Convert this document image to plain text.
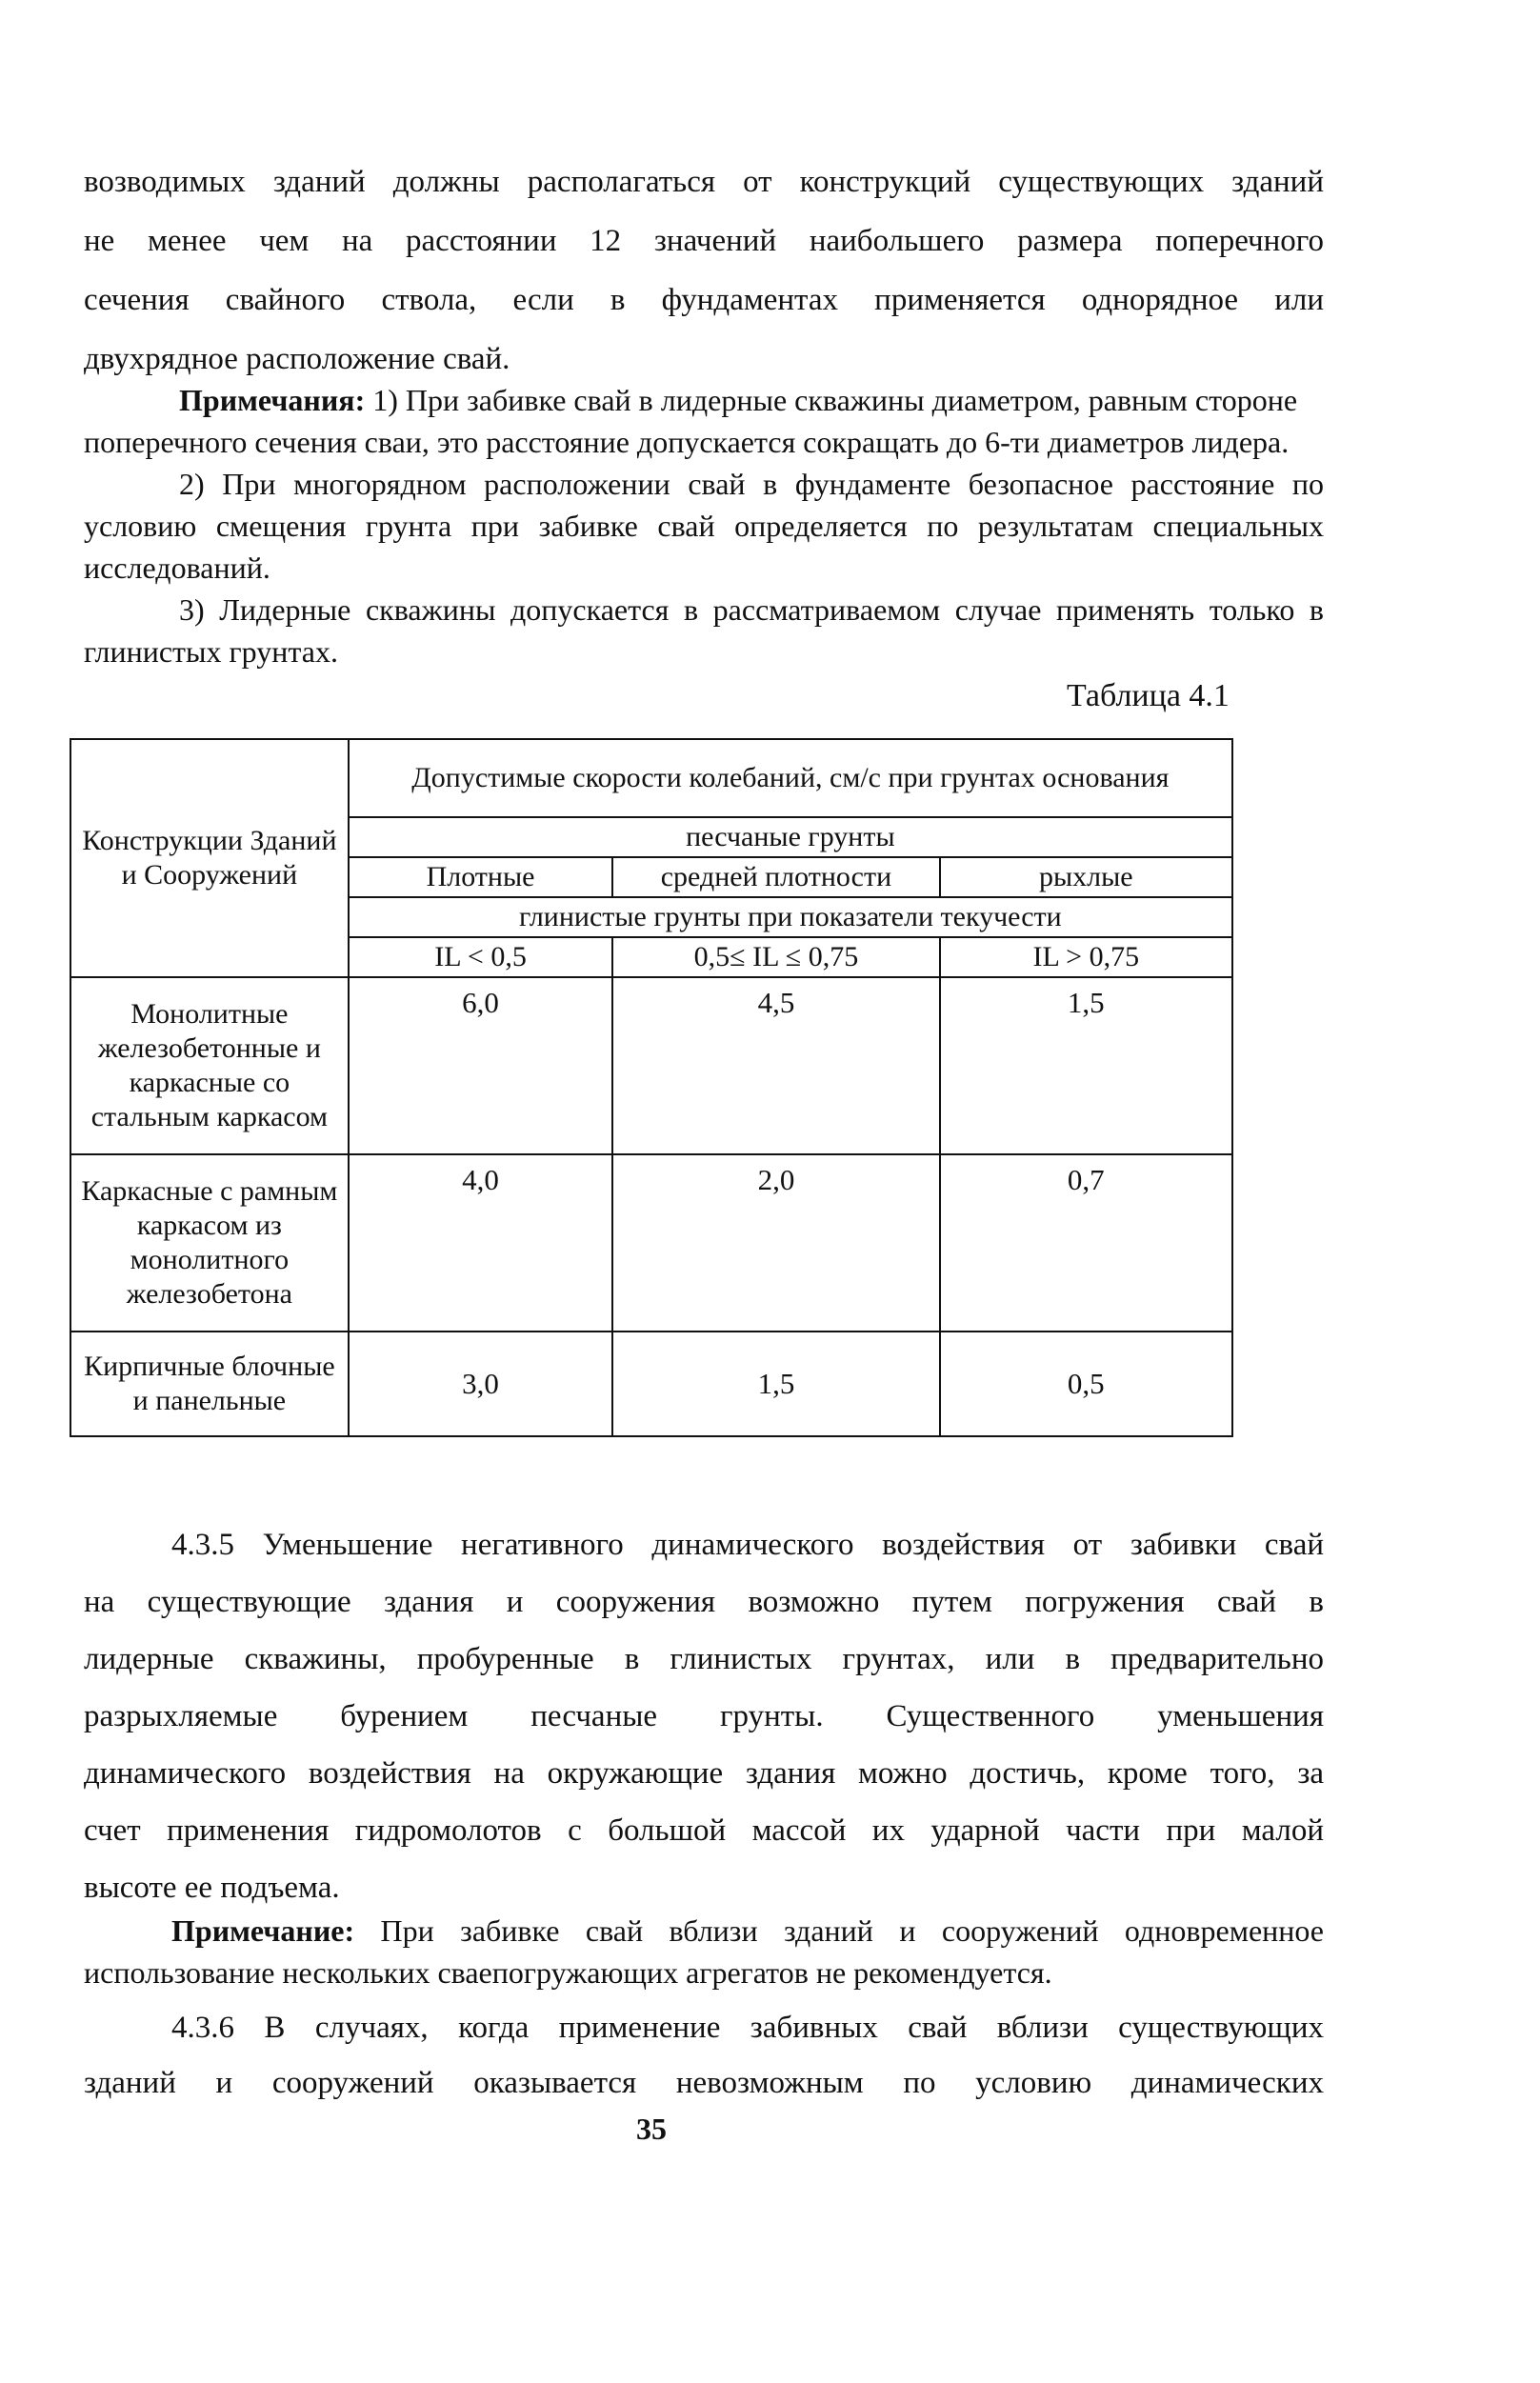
возводимых зданий должны располагаться от конструкций существующих зданий
не менее чем на расстоянии 12 значений наибольшего размера поперечного
сечения свайного ствола, если в фундаментах применяется однорядное или
двухрядное расположение свай.
Примечания: 1) При забивке свай в лидерные скважины диаметром, равным стороне поперечного сечения сваи, это расстояние допускается сокращать до 6-ти диаметров лидера.
2) При многорядном расположении свай в фундаменте безопасное расстояние по условию смещения грунта при забивке свай определяется по результатам специальных исследований.
3) Лидерные скважины допускается в рассматриваемом случае применять только в глинистых грунтах.
Таблица 4.1
Конструкции Зданий и Сооружений	Допустимые скорости колебаний, см/с при грунтах основания		
	песчаные грунты		
	Плотные	средней плотности	рыхлые
	глинистые грунты при показатели текучести		
	IL < 0,5	0,5≤ IL ≤ 0,75	IL > 0,75
Монолитные железобетонные и каркасные со стальным каркасом	6,0	4,5	1,5
Каркасные с рамным каркасом из монолитного железобетона	4,0	2,0	0,7
Кирпичные блочные и панельные	3,0	1,5	0,5
4.3.5 Уменьшение негативного динамического воздействия от забивки свай
на существующие здания и сооружения возможно путем погружения свай в
лидерные скважины, пробуренные в глинистых грунтах, или в предварительно
разрыхляемые бурением песчаные грунты. Существенного уменьшения
динамического воздействия на окружающие здания можно достичь, кроме того, за
счет применения гидромолотов с большой массой их ударной части при малой
высоте ее подъема.
Примечание: При забивке свай вблизи зданий и сооружений одновременное использование нескольких сваепогружающих агрегатов не рекомендуется.
4.3.6 В случаях, когда применение забивных свай вблизи существующих
зданий и сооружений оказывается невозможным по условию динамических
35
